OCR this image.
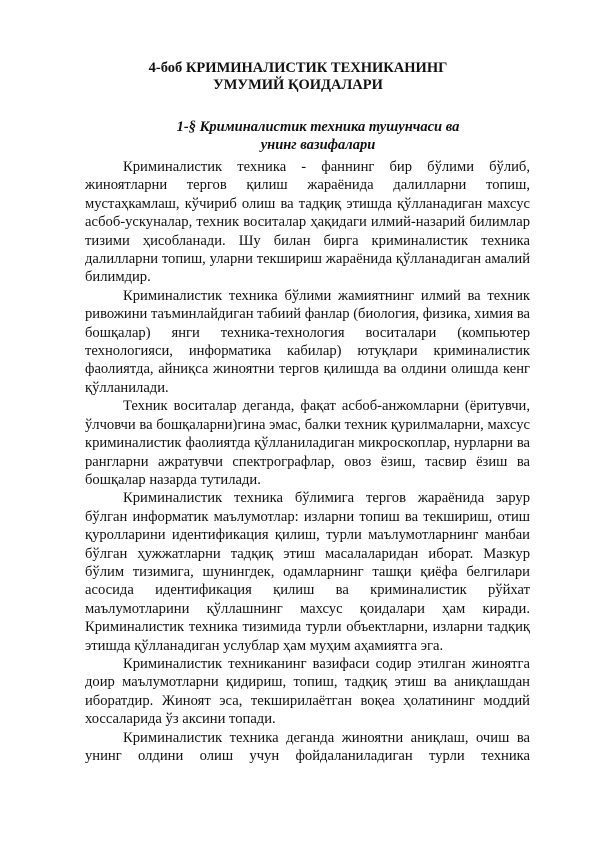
4-боб КРИМИНАЛИСТИК ТЕХНИКАНИНГ
УМУМИЙ ҚОИДАЛАРИ
1-§ Криминалистик техника тушунчаси ва
унинг вазифалари

Криминалистик техника - фаннинг бир бўлими бўлиб, жиноятларни тергов қилиш жараёнида далилларни топиш, мустаҳкамлаш, кўчириб олиш ва тадқиқ этишда қўлланадиган махсус асбоб-ускуналар, техник воситалар ҳақидаги илмий-назарий билимлар тизими ҳисобланади. Шу билан бирга криминалистик техника далилларни топиш, уларни текшириш жараёнида қўлланадиган амалий билимдир.

Криминалистик техника бўлими жамиятнинг илмий ва техник ривожини таъминлайдиган табиий фанлар (биология, физика, химия ва бошқалар) янги техника-технология воситалари (компьютер технологияси, информатика кабилар) ютуқлари криминалистик фаолиятда, айниқса жиноятни тергов қилишда ва олдини олишда кенг қўлланилади.

Техник воситалар деганда, фақат асбоб-анжомларни (ёритувчи, ўлчовчи ва бошқаларни)гина эмас, балки техник қурилмаларни, махсус криминалистик фаолиятда қўлланиладиган микроскоплар, нурларни ва рангларни ажратувчи спектрографлар, овоз ёзиш, тасвир ёзиш ва бошқалар назарда тутилади.

Криминалистик техника бўлимига тергов жараёнида зарур бўлган информатик маълумотлар: изларни топиш ва текшириш, отиш қуролларини идентификация қилиш, турли маълумотларнинг манбаи бўлган ҳужжатларни тадқиқ этиш масалаларидан иборат. Мазкур бўлим тизимига, шунингдек, одамларнинг ташқи қиёфа белгилари асосида идентификация қилиш ва криминалистик рўйхат маълумотларини қўллашнинг махсус қоидалари ҳам киради. Криминалистик техника тизимида турли объектларни, изларни тадқиқ этишда қўлланадиган услублар ҳам муҳим аҳамиятга эга.

Криминалистик техниканинг вазифаси содир этилган жиноятга доир маълумотларни қидириш, топиш, тадқиқ этиш ва аниқлашдан иборатдир. Жиноят эса, текширилаётган воқеа ҳолатининг моддий хоссаларида ўз аксини топади.

Криминалистик техника деганда жиноятни аниқлаш, очиш ва унинг олдини олиш учун фойдаланиладиган турли техника
